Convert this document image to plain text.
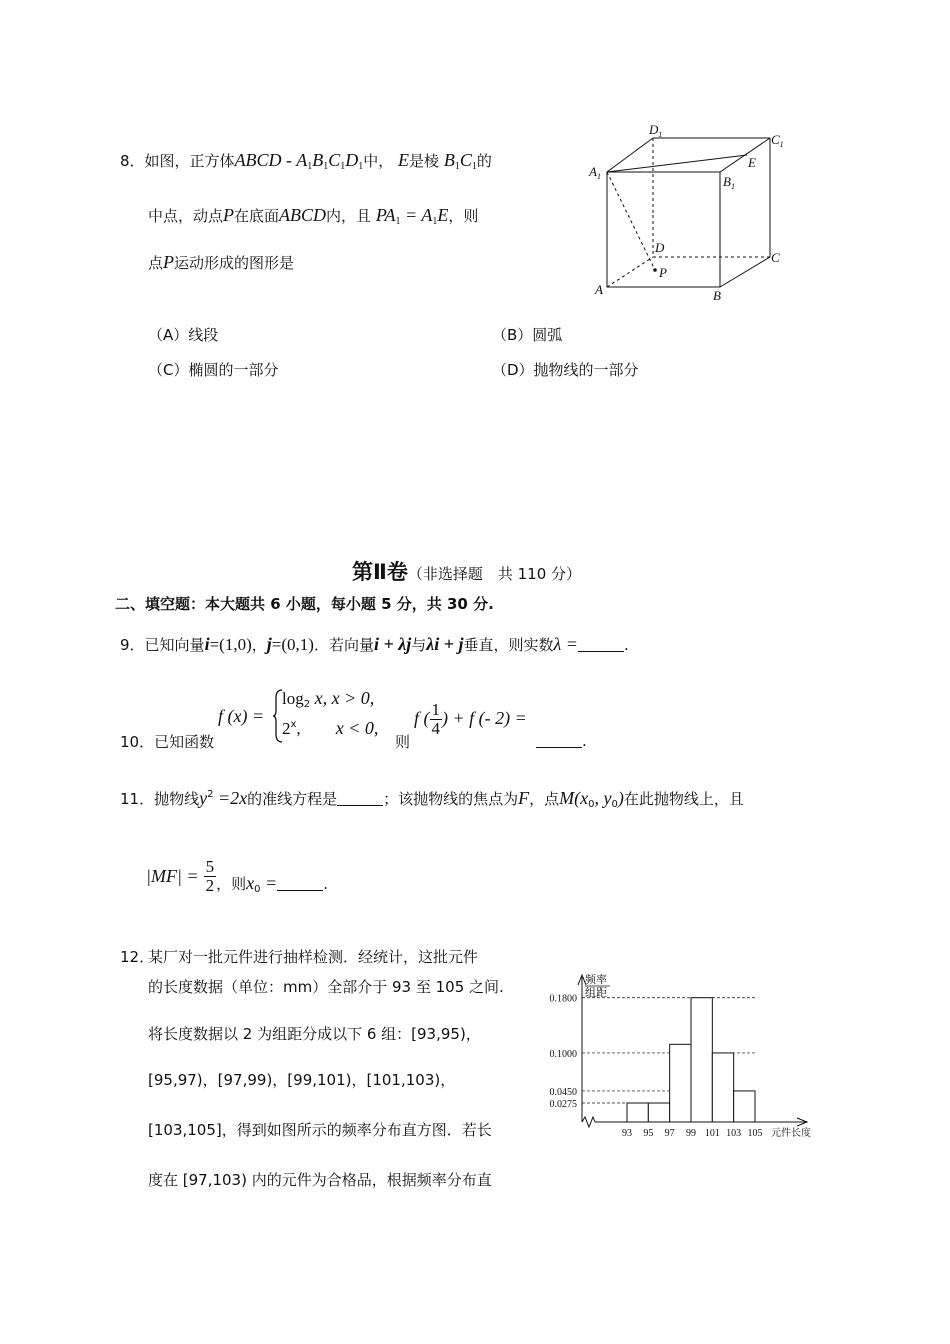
8．如图，正方体ABCD - $A_1B_1C_1D_1$中， E是棱 $B_1C_1$的
中点，动点P在底面ABCD内，且 $PA_1 = A_1E$，则
点P运动形成的图形是
$D_1$	$C_1$
$A_1$	$B_1$
E
D
C
A	B
P
（A）线段	（B）圆弧
（C）椭圆的一部分	（D）抛物线的一部分
第Ⅱ卷（非选择题　共 110 分）
二、填空题：本大题共 6 小题，每小题 5 分，共 30 分.
9．已知向量i=(1,0)，j=(0,1)．若向量i + λj与λi + j垂直，则实数λ =	.
10．已知函数
f (x) =
$\log_2 x$, x > 0,
2$^x$, x < 0,
则
f ( $\frac{1}{4}$ ) + f (- 2) =
.
11．抛物线$y^2 =2x$的准线方程是	；该抛物线的焦点为F，点$M(x_0$, $y_0$)在此抛物线上，且
$|MF| = \frac{5}{2}$ ，则$x_0$ =	.
12．
某厂对一批元件进行抽样检测．经统计，这批元件
的长度数据（单位：mm）全部介于 93 至 105 之间.
将长度数据以 2 为组距分成以下 6 组：[93,95)，
[95,97)，[97,99)，[99,101)，[101,103)，
[103,105]，得到如图所示的频率分布直方图．若长
度在 [97,103) 内的元件为合格品，根据频率分布直
频率
组距
元件长度
0.1800
0.1000
0.0450
0.0275
93 95 97 99 101 103 105
